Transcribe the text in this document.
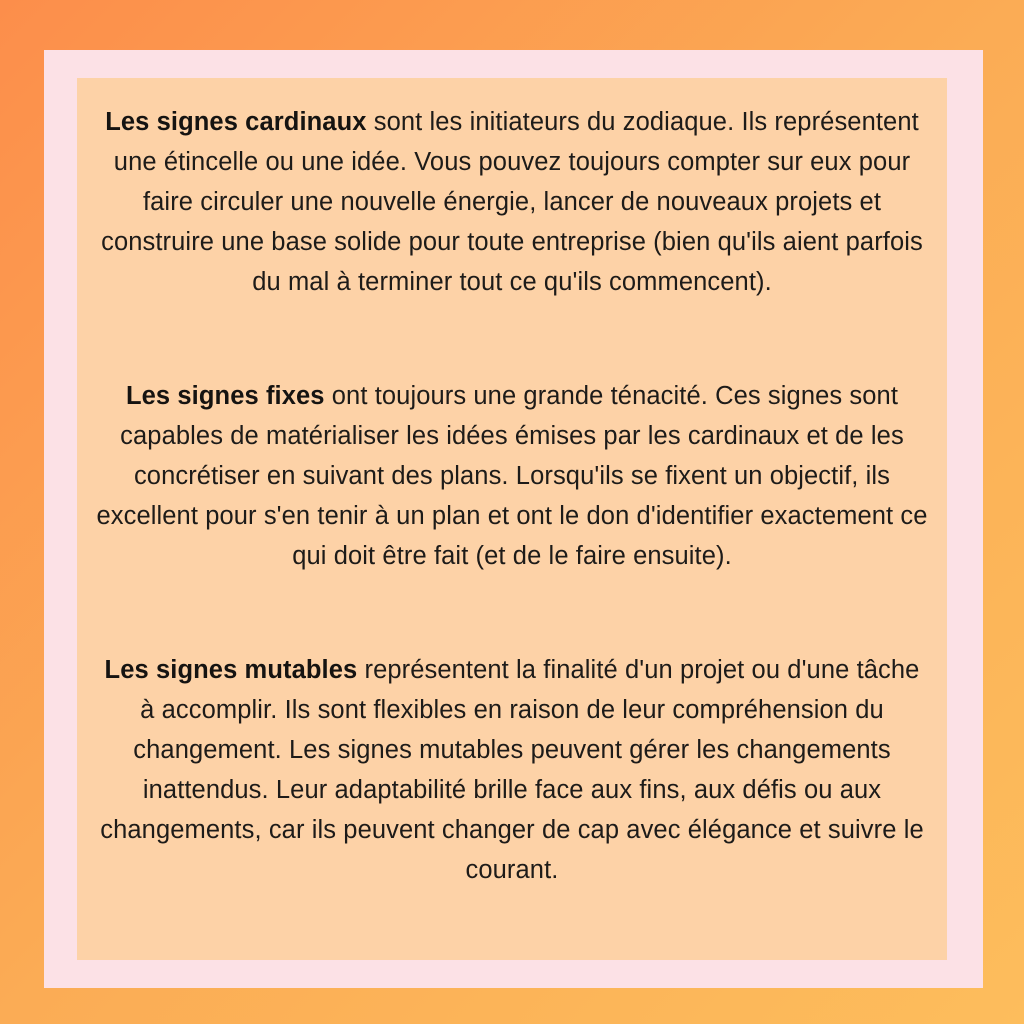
Les signes cardinaux sont les initiateurs du zodiaque. Ils représentent une étincelle ou une idée. Vous pouvez toujours compter sur eux pour faire circuler une nouvelle énergie, lancer de nouveaux projets et construire une base solide pour toute entreprise (bien qu'ils aient parfois du mal à terminer tout ce qu'ils commencent).

Les signes fixes ont toujours une grande ténacité. Ces signes sont capables de matérialiser les idées émises par les cardinaux et de les concrétiser en suivant des plans. Lorsqu'ils se fixent un objectif, ils excellent pour s'en tenir à un plan et ont le don d'identifier exactement ce qui doit être fait (et de le faire ensuite).

Les signes mutables représentent la finalité d'un projet ou d'une tâche à accomplir. Ils sont flexibles en raison de leur compréhension du changement. Les signes mutables peuvent gérer les changements inattendus. Leur adaptabilité brille face aux fins, aux défis ou aux changements, car ils peuvent changer de cap avec élégance et suivre le courant.
